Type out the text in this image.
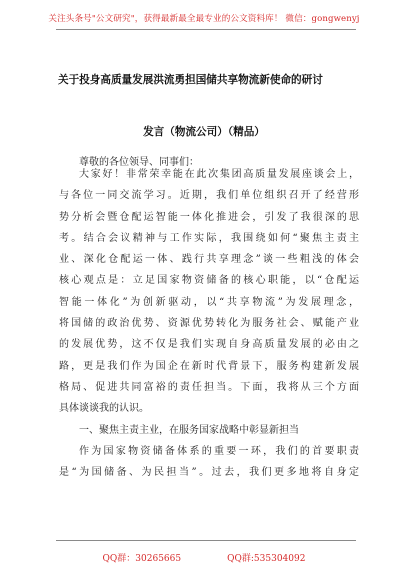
关注头条号"公文研究"，获得最新最全最专业的公文资料库！ 微信：gongwenyj
关于投身高质量发展洪流勇担国储共享物流新使命的研讨
发言（物流公司）（精品）
尊敬的各位领导、同事们：
大家好！非常荣幸能在此次集团高质量发展座谈会上，
与各位一同交流学习。近期，我们单位组织召开了经营形
势分析会暨仓配运智能一体化推进会，引发了我很深的思
考。结合会议精神与工作实际，我围绕如何“聚焦主责主
业、深化仓配运一体、践行共享理念”谈一些粗浅的体会
核心观点是：立足国家物资储备的核心职能，以“仓配运
智能一体化”为创新驱动，以“共享物流”为发展理念，
将国储的政治优势、资源优势转化为服务社会、赋能产业
的发展优势，这不仅是我们实现自身高质量发展的必由之
路，更是我们作为国企在新时代背景下，服务构建新发展
格局、促进共同富裕的责任担当。下面，我将从三个方面
具体谈谈我的认识。
一、聚焦主责主业，在服务国家战略中彰显新担当
作为国家物资储备体系的重要一环，我们的首要职责
是“为国储备、为民担当”。过去，我们更多地将自身定
QQ群：30265665	QQ群:535304092
